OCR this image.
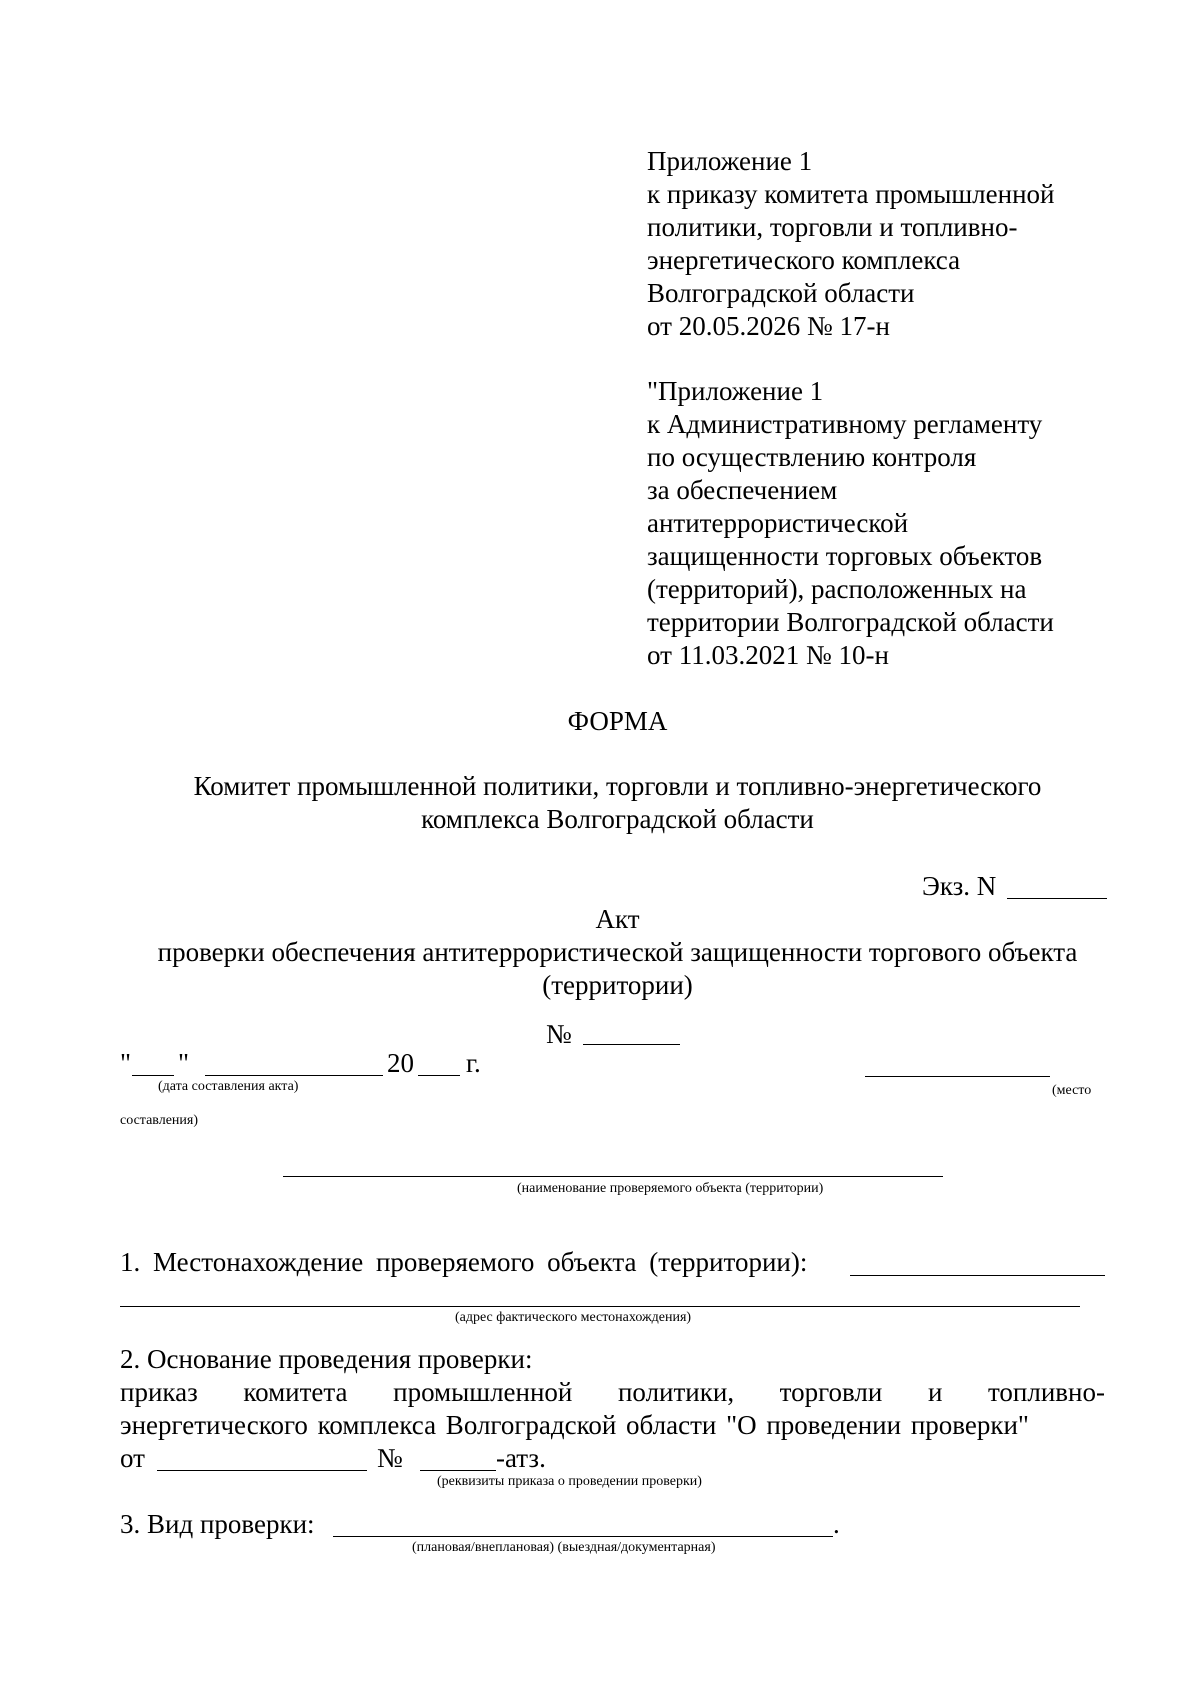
Приложение 1
к приказу комитета промышленной
политики, торговли и топливно-
энергетического комплекса
Волгоградской области
от 20.05.2026 № 17-н
"Приложение 1
к Административному регламенту
по осуществлению контроля
за обеспечением
антитеррористической
защищенности торговых объектов
(территорий), расположенных на
территории Волгоградской области
от 11.03.2021 № 10-н
ФОРМА
Комитет промышленной политики, торговли и топливно-энергетического
комплекса Волгоградской области
Экз. N
Акт
проверки обеспечения антитеррористической защищенности торгового объекта
(территории)
№
" "	20 г.
(дата составления акта)	(место
составления)
(наименование проверяемого объекта (территории)
1. Местонахождение проверяемого объекта (территории):
(адрес фактического местонахождения)
2. Основание проведения проверки:
приказ комитета промышленной политики, торговли и топливно-
энергетического комплекса Волгоградской области "О проведении проверки"
от	№	-атз.
(реквизиты приказа о проведении проверки)
3. Вид проверки:	.
(плановая/внеплановая) (выездная/документарная)
